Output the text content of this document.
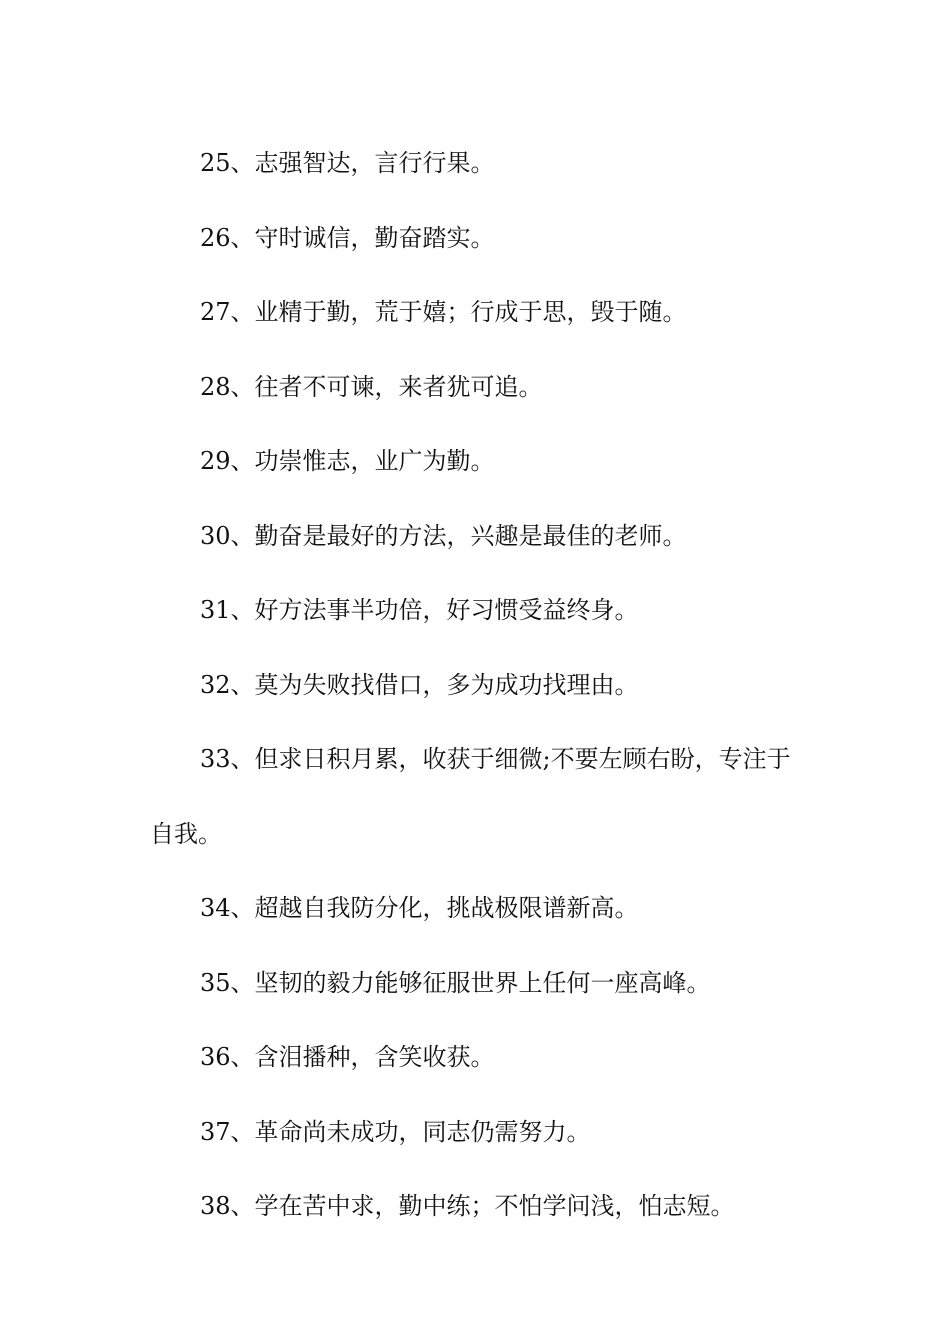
25、志强智达，言行行果。

26、守时诚信，勤奋踏实。

27、业精于勤，荒于嬉；行成于思，毁于随。

28、往者不可谏，来者犹可追。

29、功崇惟志，业广为勤。

30、勤奋是最好的方法，兴趣是最佳的老师。

31、好方法事半功倍，好习惯受益终身。

32、莫为失败找借口，多为成功找理由。

33、但求日积月累，收获于细微;不要左顾右盼，专注于自我。

34、超越自我防分化，挑战极限谱新高。

35、坚韧的毅力能够征服世界上任何一座高峰。

36、含泪播种，含笑收获。

37、革命尚未成功，同志仍需努力。

38、学在苦中求，勤中练；不怕学问浅，怕志短。
